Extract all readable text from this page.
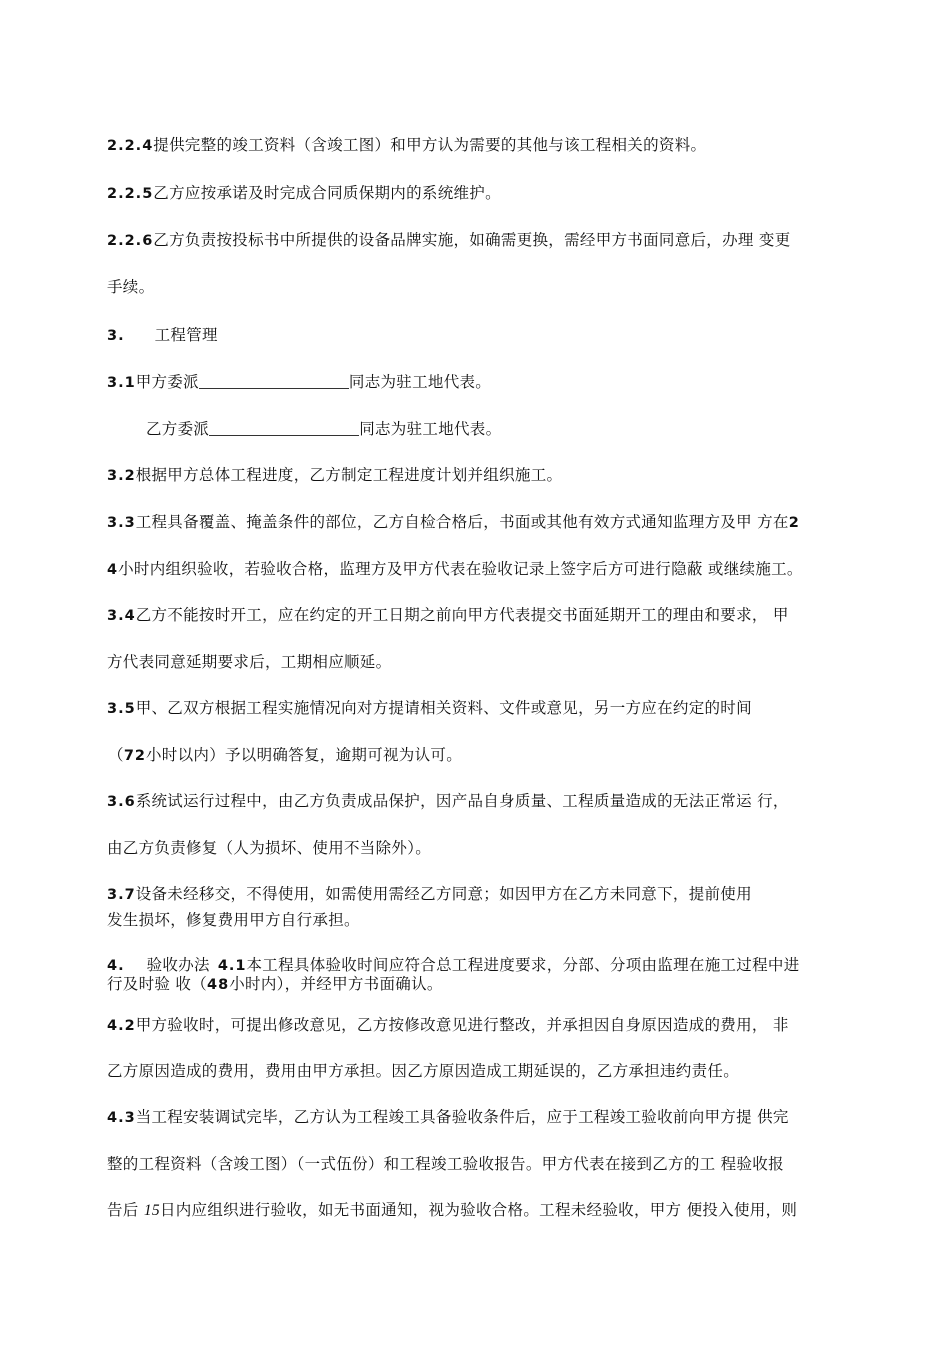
2.2.4提供完整的竣工资料（含竣工图）和甲方认为需要的其他与该工程相关的资料。
2.2.5乙方应按承诺及时完成合同质保期内的系统维护。
2.2.6乙方负责按投标书中所提供的设备品牌实施，如确需更换，需经甲方书面同意后，办理 变更
手续。
3. 工程管理
3.1甲方委派	同志为驻工地代表。
乙方委派	同志为驻工地代表。
3.2根据甲方总体工程进度，乙方制定工程进度计划并组织施工。
3.3工程具备覆盖、掩盖条件的部位，乙方自检合格后，书面或其他有效方式通知监理方及甲 方在2
4小时内组织验收，若验收合格，监理方及甲方代表在验收记录上签字后方可进行隐蔽 或继续施工。
3.4乙方不能按时开工，应在约定的开工日期之前向甲方代表提交书面延期开工的理由和要求， 甲
方代表同意延期要求后，工期相应顺延。
3.5甲、乙双方根据工程实施情况向对方提请相关资料、文件或意见，另一方应在约定的时间
（72小时以内）予以明确答复，逾期可视为认可。
3.6系统试运行过程中，由乙方负责成品保护，因产品自身质量、工程质量造成的无法正常运 行，
由乙方负责修复（人为损坏、使用不当除外）。
3.7设备未经移交，不得使用，如需使用需经乙方同意；如因甲方在乙方未同意下，提前使用
发生损坏，修复费用甲方自行承担。
4. 验收办法 4.1本工程具体验收时间应符合总工程进度要求，分部、分项由监理在施工过程中进
行及时验 收（48小时内），并经甲方书面确认。
4.2甲方验收时，可提出修改意见，乙方按修改意见进行整改，并承担因自身原因造成的费用， 非
乙方原因造成的费用，费用由甲方承担。因乙方原因造成工期延误的，乙方承担违约责任。
4.3当工程安装调试完毕，乙方认为工程竣工具备验收条件后，应于工程竣工验收前向甲方提 供完
整的工程资料（含竣工图）（一式伍份）和工程竣工验收报告。甲方代表在接到乙方的工 程验收报
告后 15日内应组织进行验收，如无书面通知，视为验收合格。工程未经验收，甲方 便投入使用，则
